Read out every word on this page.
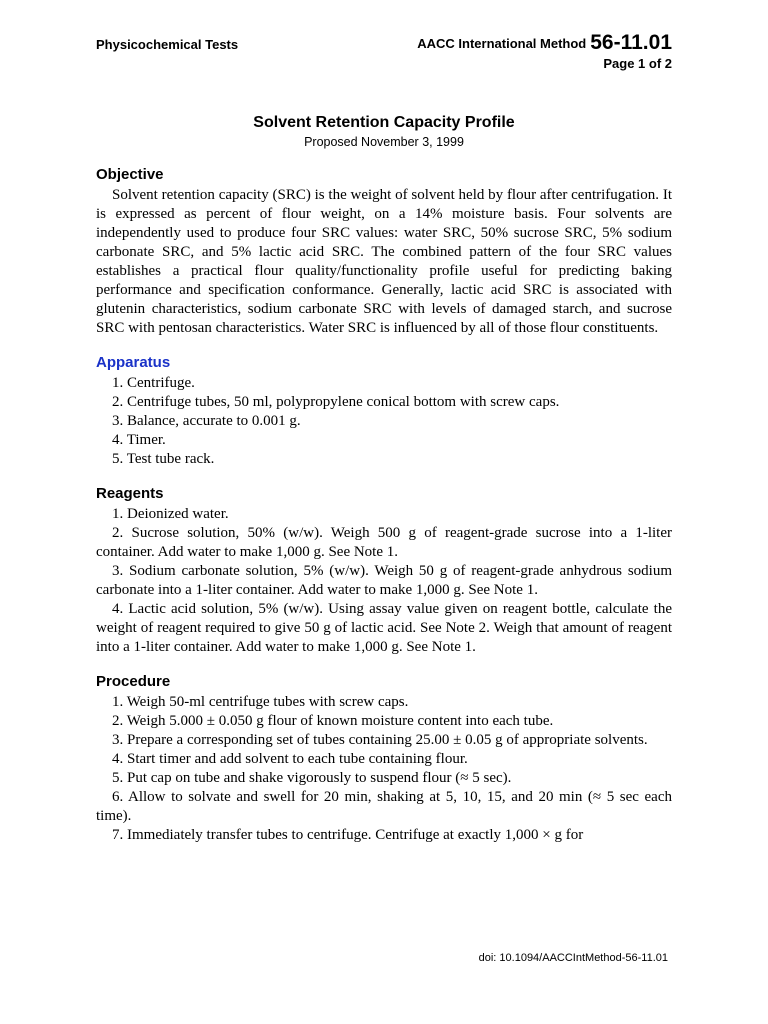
Physicochemical Tests	AACC International Method 56-11.01
Page 1 of 2
Solvent Retention Capacity Profile
Proposed November 3, 1999
Objective

Solvent retention capacity (SRC) is the weight of solvent held by flour after centrifugation. It is expressed as percent of flour weight, on a 14% moisture basis. Four solvents are independently used to produce four SRC values: water SRC, 50% sucrose SRC, 5% sodium carbonate SRC, and 5% lactic acid SRC. The combined pattern of the four SRC values establishes a practical flour quality/functionality profile useful for predicting baking performance and specification conformance. Generally, lactic acid SRC is associated with glutenin characteristics, sodium carbonate SRC with levels of damaged starch, and sucrose SRC with pentosan characteristics. Water SRC is influenced by all of those flour constituents.

Apparatus

1. Centrifuge.

2. Centrifuge tubes, 50 ml, polypropylene conical bottom with screw caps.

3. Balance, accurate to 0.001 g.

4. Timer.

5. Test tube rack.

Reagents

1. Deionized water.

2. Sucrose solution, 50% (w/w). Weigh 500 g of reagent-grade sucrose into a 1-liter container. Add water to make 1,000 g. See Note 1.

3. Sodium carbonate solution, 5% (w/w). Weigh 50 g of reagent-grade anhydrous sodium carbonate into a 1-liter container. Add water to make 1,000 g. See Note 1.

4. Lactic acid solution, 5% (w/w). Using assay value given on reagent bottle, calculate the weight of reagent required to give 50 g of lactic acid. See Note 2. Weigh that amount of reagent into a 1-liter container. Add water to make 1,000 g. See Note 1.

Procedure

1. Weigh 50-ml centrifuge tubes with screw caps.

2. Weigh 5.000 ± 0.050 g flour of known moisture content into each tube.

3. Prepare a corresponding set of tubes containing 25.00 ± 0.05 g of appropriate solvents.

4. Start timer and add solvent to each tube containing flour.

5. Put cap on tube and shake vigorously to suspend flour (≈ 5 sec).

6. Allow to solvate and swell for 20 min, shaking at 5, 10, 15, and 20 min (≈ 5 sec each time).

7. Immediately transfer tubes to centrifuge. Centrifuge at exactly 1,000 × g for

doi: 10.1094/AACCIntMethod-56-11.01
